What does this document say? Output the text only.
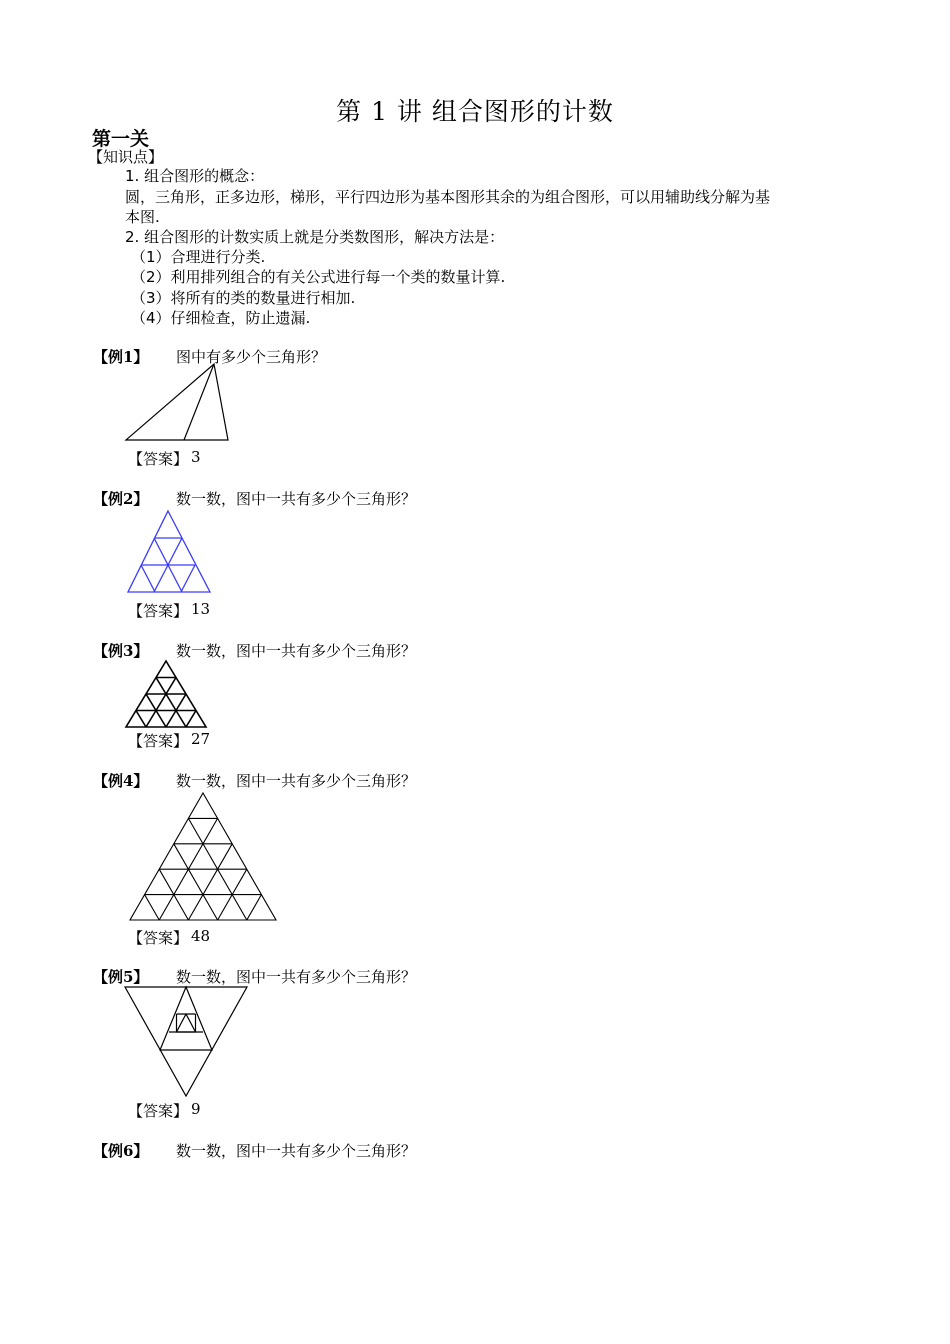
第 1 讲 组合图形的计数
第一关
【知识点】
1. 组合图形的概念：
圆，三角形，正多边形，梯形，平行四边形为基本图形其余的为组合图形，可以用辅助线分解为基
本图.
2. 组合图形的计数实质上就是分类数图形，解决方法是：
（1）合理进行分类.
（2）利用排列组合的有关公式进行每一个类的数量计算.
（3）将所有的类的数量进行相加.
（4）仔细检查，防止遗漏.
【例1】 图中有多少个三角形？
【答案】 3
【例2】 数一数，图中一共有多少个三角形？
【答案】 13
【例3】 数一数，图中一共有多少个三角形？
【答案】 27
【例4】 数一数，图中一共有多少个三角形？
【答案】 48
【例5】 数一数，图中一共有多少个三角形？
【答案】 9
【例6】 数一数，图中一共有多少个三角形？
